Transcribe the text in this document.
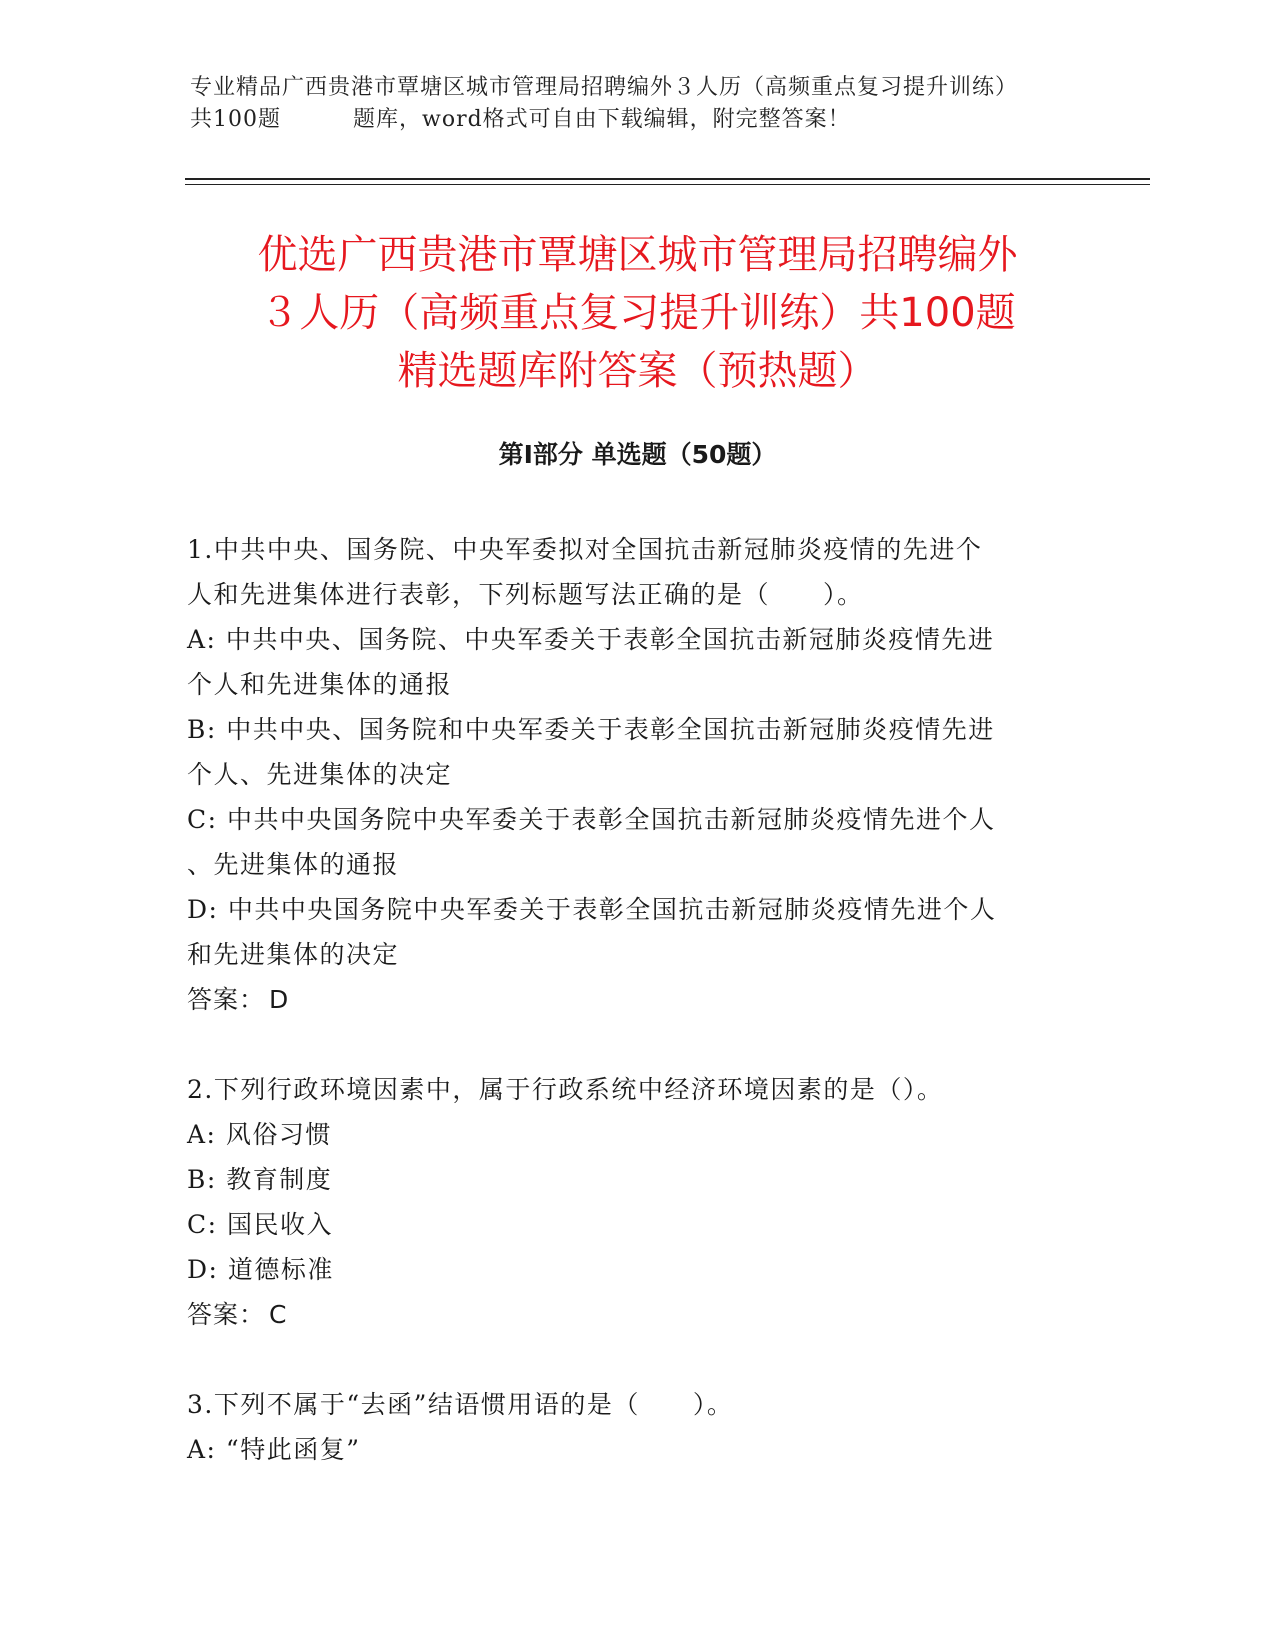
专业精品广西贵港市覃塘区城市管理局招聘编外３人历（高频重点复习提升训练）
共100题	题库，word格式可自由下载编辑，附完整答案！
优选广西贵港市覃塘区城市管理局招聘编外
３人历（高频重点复习提升训练）共100题
精选题库附答案（预热题）
第Ⅰ部分 单选题（50题）

1.中共中央、国务院、中央军委拟对全国抗击新冠肺炎疫情的先进个

人和先进集体进行表彰，下列标题写法正确的是（　　）。

A: 中共中央、国务院、中央军委关于表彰全国抗击新冠肺炎疫情先进

个人和先进集体的通报

B: 中共中央、国务院和中央军委关于表彰全国抗击新冠肺炎疫情先进

个人、先进集体的决定

C: 中共中央国务院中央军委关于表彰全国抗击新冠肺炎疫情先进个人

、先进集体的通报

D: 中共中央国务院中央军委关于表彰全国抗击新冠肺炎疫情先进个人

和先进集体的决定

答案： D

2.下列行政环境因素中，属于行政系统中经济环境因素的是（）。

A: 风俗习惯

B: 教育制度

C: 国民收入

D: 道德标准

答案： C

3.下列不属于“去函”结语惯用语的是（　　）。

A: “特此函复”
